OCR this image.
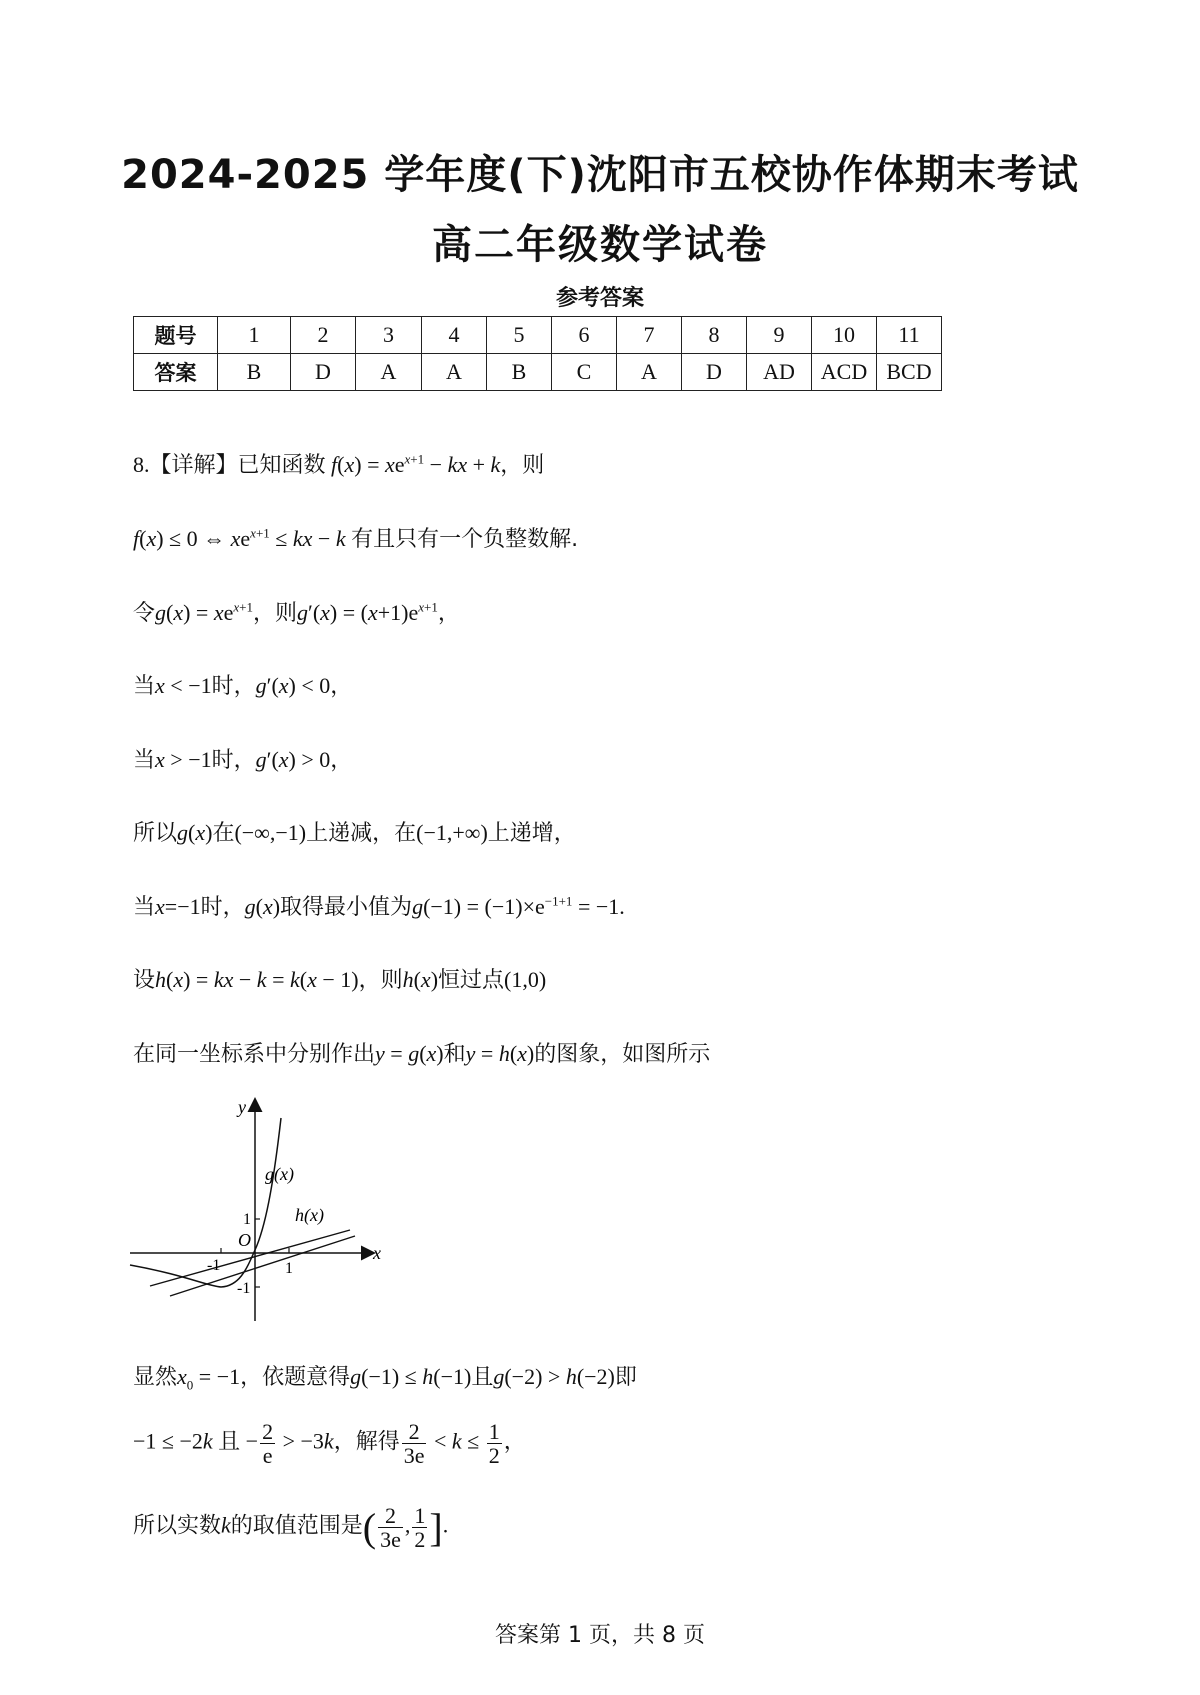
2024-2025 学年度(下)沈阳市五校协作体期末考试
高二年级数学试卷
参考答案
题号	1	2	3	4	5	6	7	8	9	10	11
答案	B	D	A	A	B	C	A	D	AD	ACD	BCD
8.【详解】已知函数 $f(x) = xe^{x+1}$ − kx + k，则
f(x) ≤ 0 ⇔ $xe^{x+1}$ ≤ kx − k 有且只有一个负整数解.
令$g(x) = xe^{x+1}$，则$g'(x) = (x+1)e^{x+1}$，
当x < −1时，g′(x) < 0，
当x > −1时，g′(x) > 0，
所以g(x)在(−∞,−1)上递减，在(−1,+∞)上递增，
当x=−1时，g(x)取得最小值为$g(-1) = (-1)\times e^{-1+1} = -1$.
设h(x) = kx − k = k(x − 1)，则h(x)恒过点(1,0)
在同一坐标系中分别作出y = g(x)和y = h(x)的图象，如图所示
y
x
O
g(x)
h(x)
1
-1
-1
1
显然$x_0 = -1$，依题意得g(−1) ≤ h(−1)且g(−2) > h(−2)即
−1 ≤ −2k 且 − $\frac{2}{e} > -3k$，解得 $\frac{2}{3e} < k \le \frac{1}{2}$ ，
所以实数k的取值范围是( $\frac{2}{3e}$ , $\frac{1}{2}$ ].
答案第 1 页，共 8 页
